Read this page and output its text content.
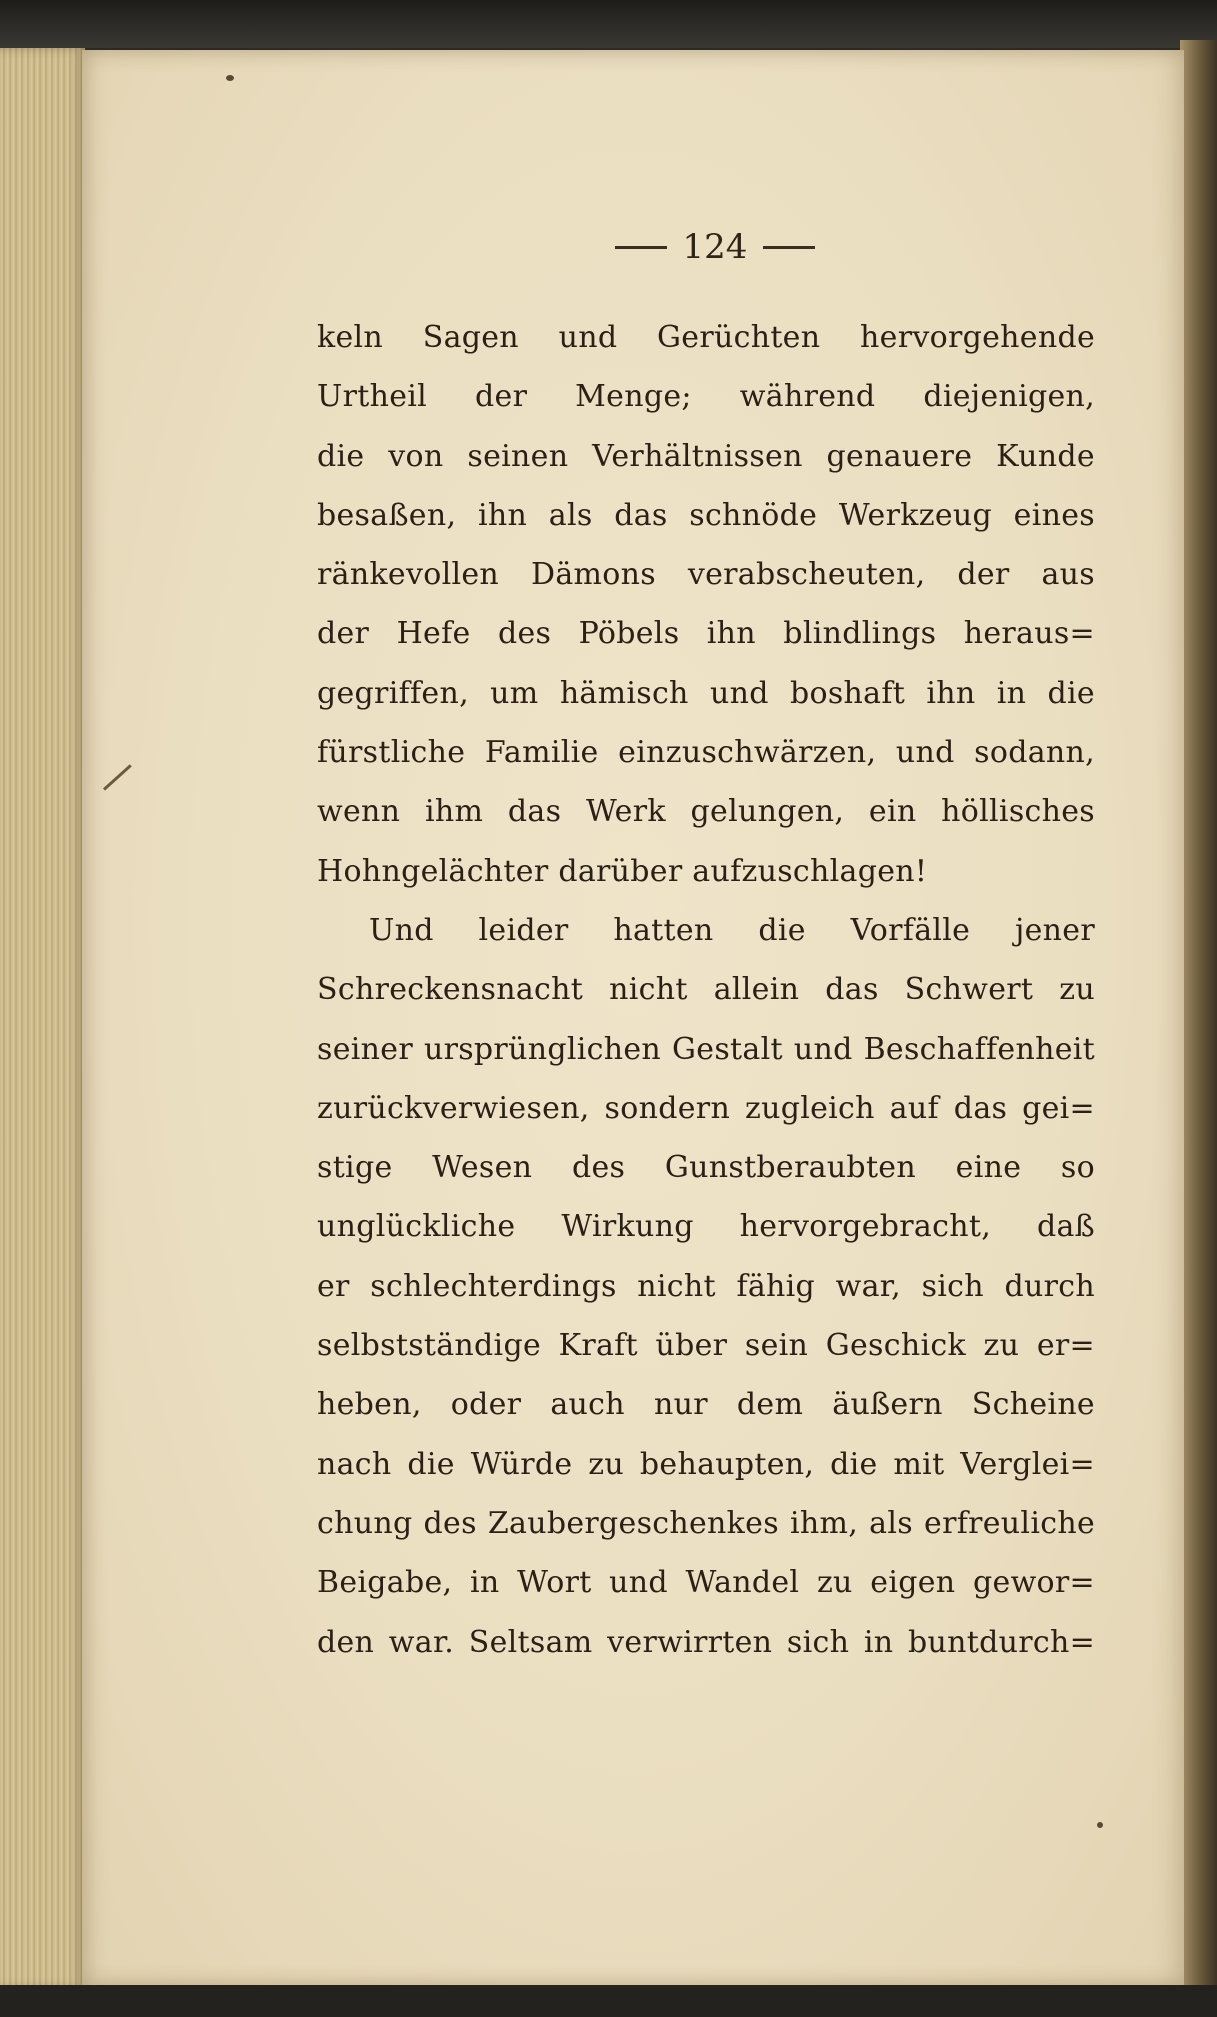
124
keln Sagen und Gerüchten hervorgehende
Urtheil der Menge; während diejenigen,
die von seinen Verhältnissen genauere Kunde
besaßen, ihn als das schnöde Werkzeug eines
ränkevollen Dämons verabscheuten, der aus
der Hefe des Pöbels ihn blindlings heraus=
gegriffen, um hämisch und boshaft ihn in die
fürstliche Familie einzuschwärzen, und sodann,
wenn ihm das Werk gelungen, ein höllisches
Hohngelächter darüber aufzuschlagen!
Und leider hatten die Vorfälle jener
Schreckensnacht nicht allein das Schwert zu
seiner ursprünglichen Gestalt und Beschaffenheit
zurückverwiesen, sondern zugleich auf das gei=
stige Wesen des Gunstberaubten eine so
unglückliche Wirkung hervorgebracht, daß
er schlechterdings nicht fähig war, sich durch
selbstständige Kraft über sein Geschick zu er=
heben, oder auch nur dem äußern Scheine
nach die Würde zu behaupten, die mit Verglei=
chung des Zaubergeschenkes ihm, als erfreuliche
Beigabe, in Wort und Wandel zu eigen gewor=
den war. Seltsam verwirrten sich in buntdurch=
